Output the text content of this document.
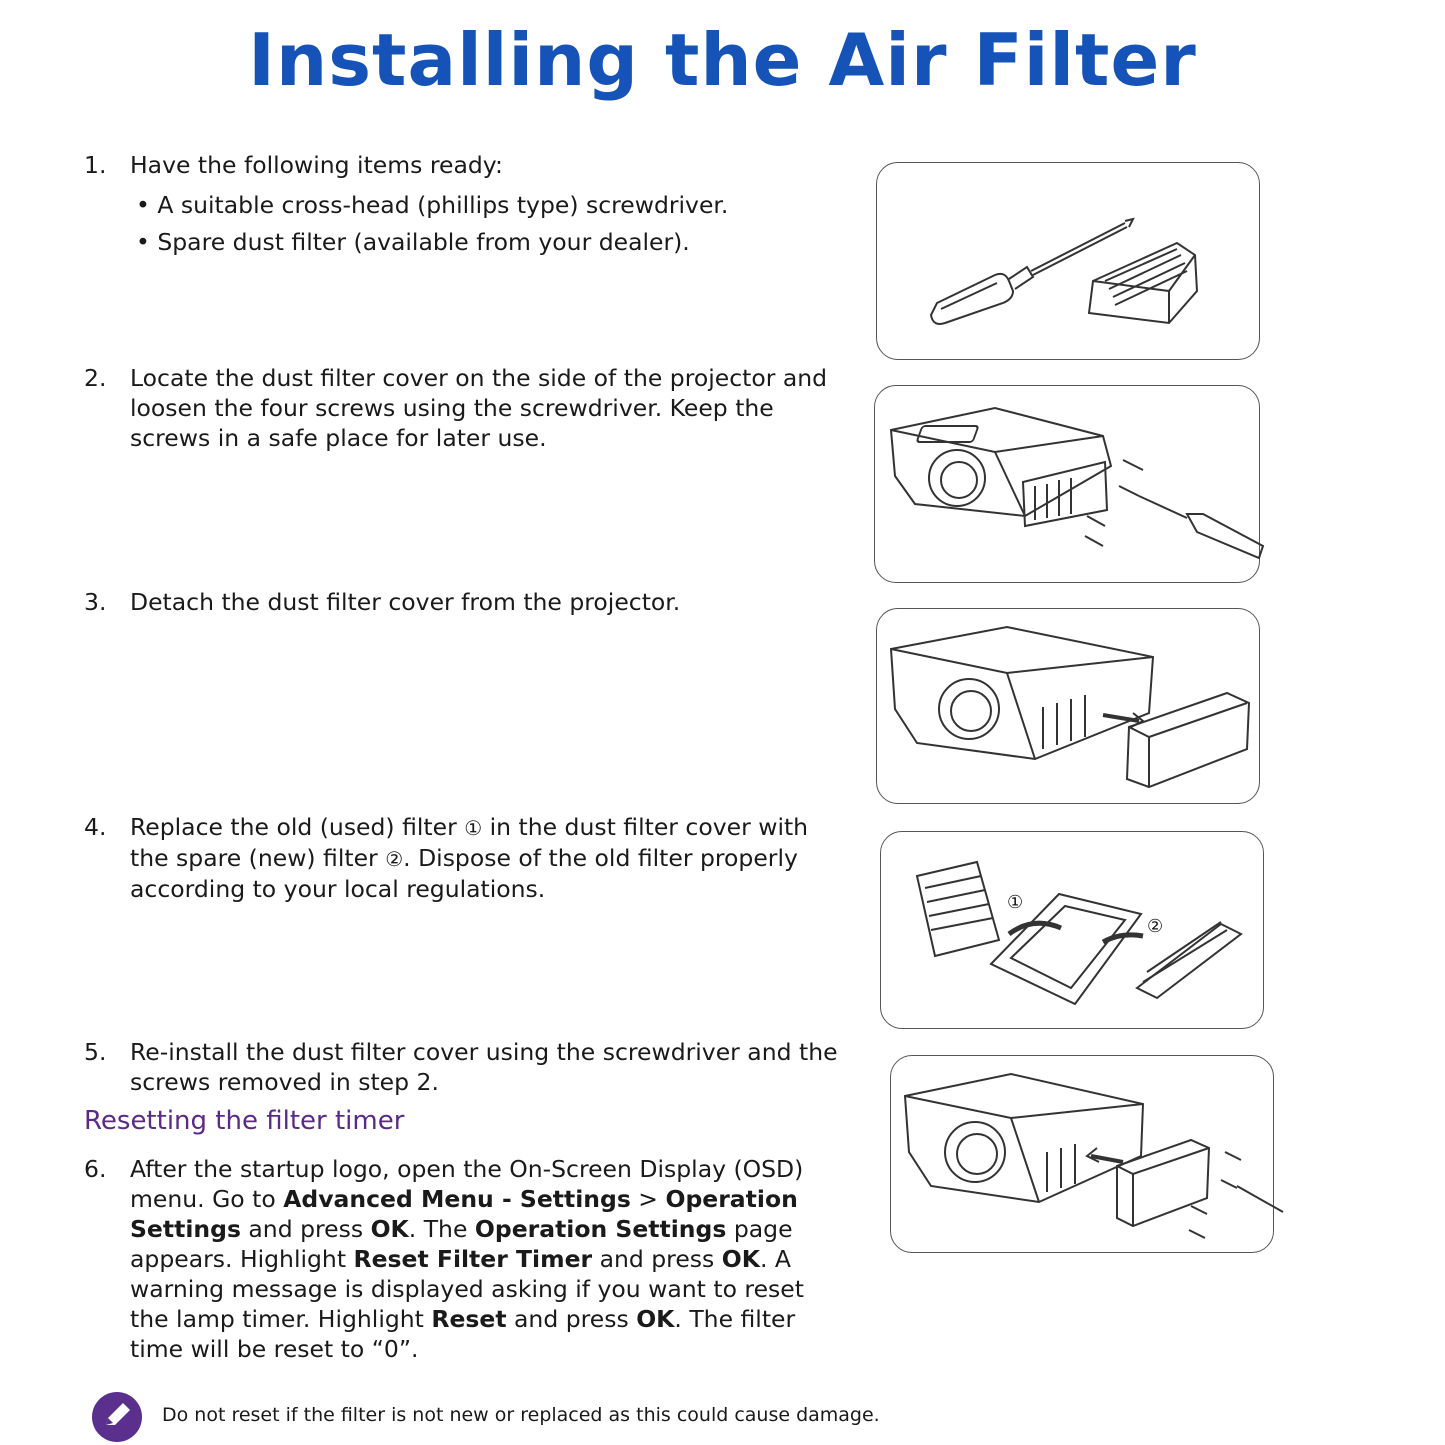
Installing the Air Filter
1.	Have the following items ready:
• A suitable cross-head (phillips type) screwdriver.
• Spare dust filter (available from your dealer).
2.	Locate the dust filter cover on the side of the projector and loosen the four screws using the screwdriver. Keep the screws in a safe place for later use.
3.	Detach the dust filter cover from the projector.
4.	Replace the old (used) filter ① in the dust filter cover with the spare (new) filter ②. Dispose of the old filter properly according to your local regulations.
5.	Re-install the dust filter cover using the screwdriver and the screws removed in step 2.
Resetting the filter timer
6.	After the startup logo, open the On-Screen Display (OSD) menu. Go to Advanced Menu - Settings > Operation Settings and press OK. The Operation Settings page appears. Highlight Reset Filter Timer and press OK. A warning message is displayed asking if you want to reset the lamp timer. Highlight Reset and press OK. The filter time will be reset to “0”.
①
②
Do not reset if the filter is not new or replaced as this could cause damage.
